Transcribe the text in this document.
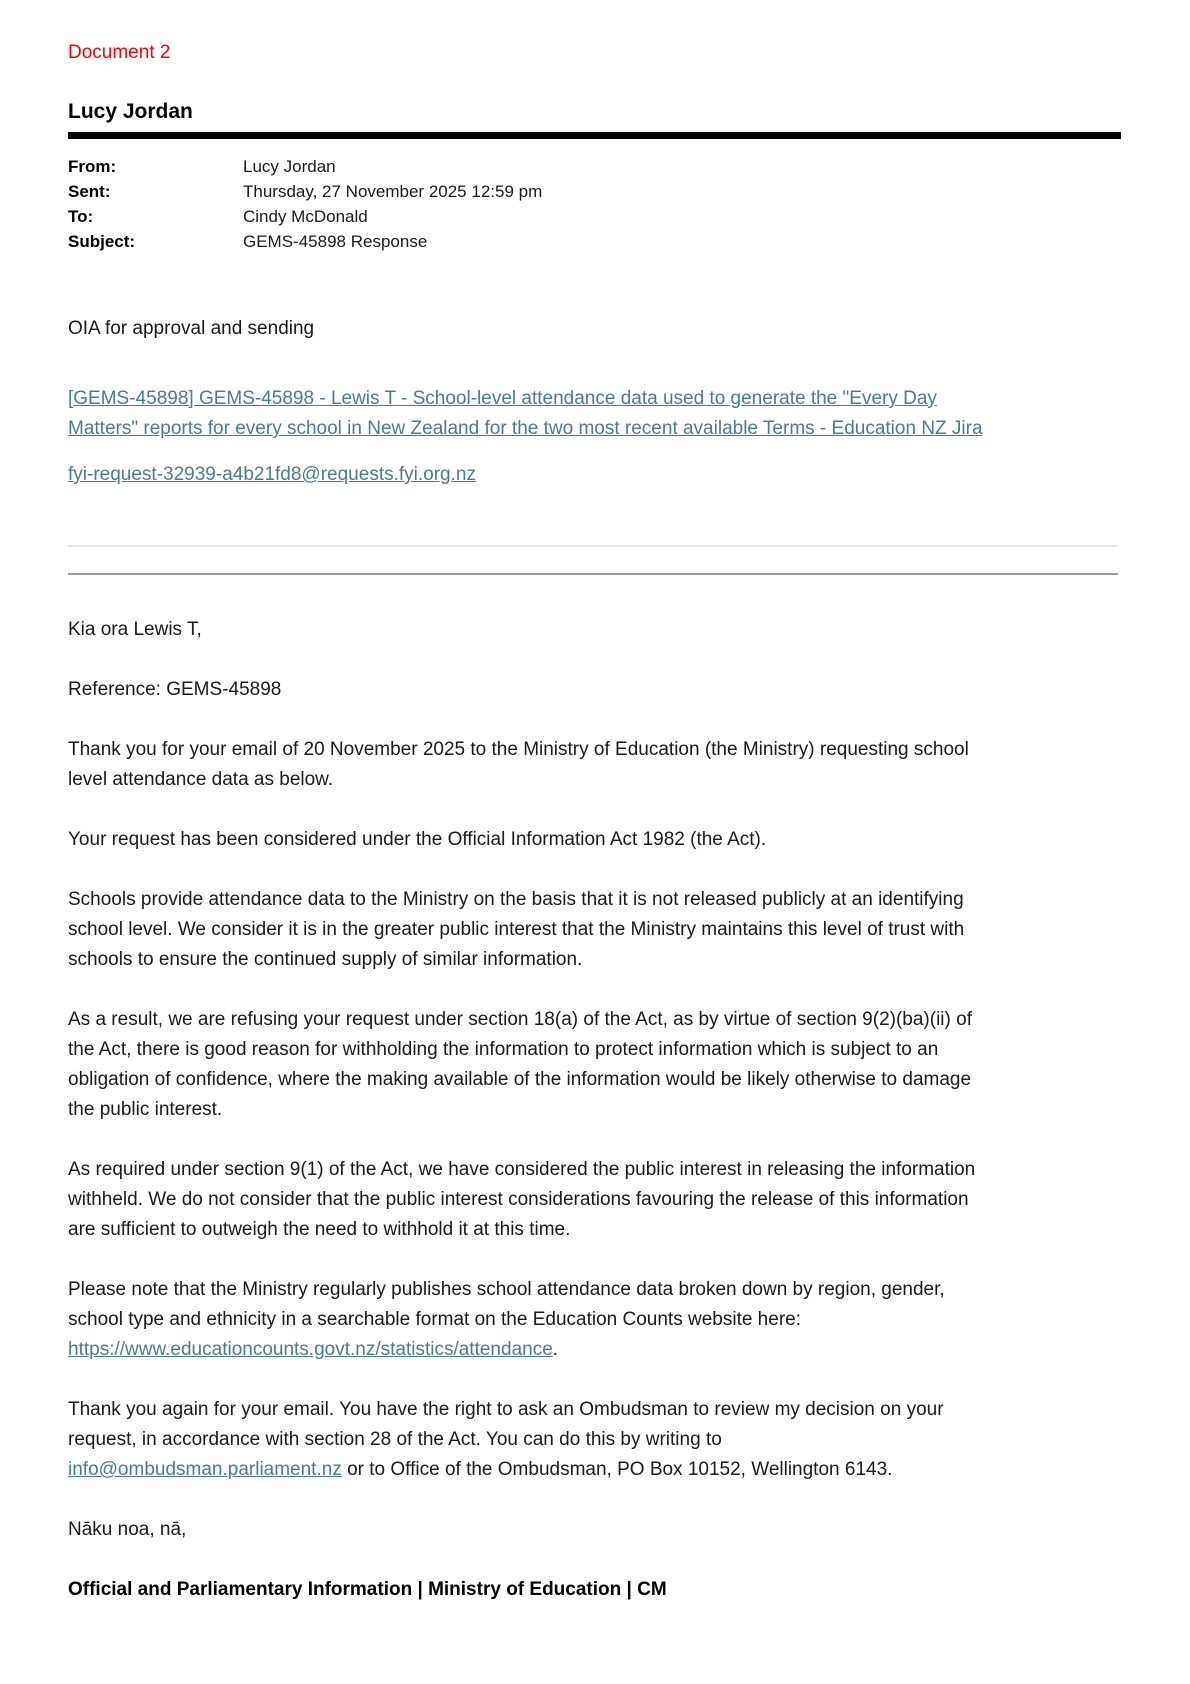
Document 2
Lucy Jordan
From:	Lucy Jordan
Sent:	Thursday, 27 November 2025 12:59 pm
To:	Cindy McDonald
Subject:	GEMS-45898 Response

OIA for approval and sending

[GEMS-45898] GEMS-45898 - Lewis T - School-level attendance data used to generate the "Every Day Matters" reports for every school in New Zealand for the two most recent available Terms - Education NZ Jira

fyi-request-32939-a4b21fd8@requests.fyi.org.nz

Kia ora Lewis T,

Reference: GEMS-45898

Thank you for your email of 20 November 2025 to the Ministry of Education (the Ministry) requesting school level attendance data as below.

Your request has been considered under the Official Information Act 1982 (the Act).

Schools provide attendance data to the Ministry on the basis that it is not released publicly at an identifying school level. We consider it is in the greater public interest that the Ministry maintains this level of trust with schools to ensure the continued supply of similar information.

As a result, we are refusing your request under section 18(a) of the Act, as by virtue of section 9(2)(ba)(ii) of the Act, there is good reason for withholding the information to protect information which is subject to an obligation of confidence, where the making available of the information would be likely otherwise to damage the public interest.

As required under section 9(1) of the Act, we have considered the public interest in releasing the information withheld. We do not consider that the public interest considerations favouring the release of this information are sufficient to outweigh the need to withhold it at this time.

Please note that the Ministry regularly publishes school attendance data broken down by region, gender, school type and ethnicity in a searchable format on the Education Counts website here: https://www.educationcounts.govt.nz/statistics/attendance.

Thank you again for your email. You have the right to ask an Ombudsman to review my decision on your request, in accordance with section 28 of the Act. You can do this by writing to info@ombudsman.parliament.nz or to Office of the Ombudsman, PO Box 10152, Wellington 6143.

Nāku noa, nā,

Official and Parliamentary Information | Ministry of Education | CM
